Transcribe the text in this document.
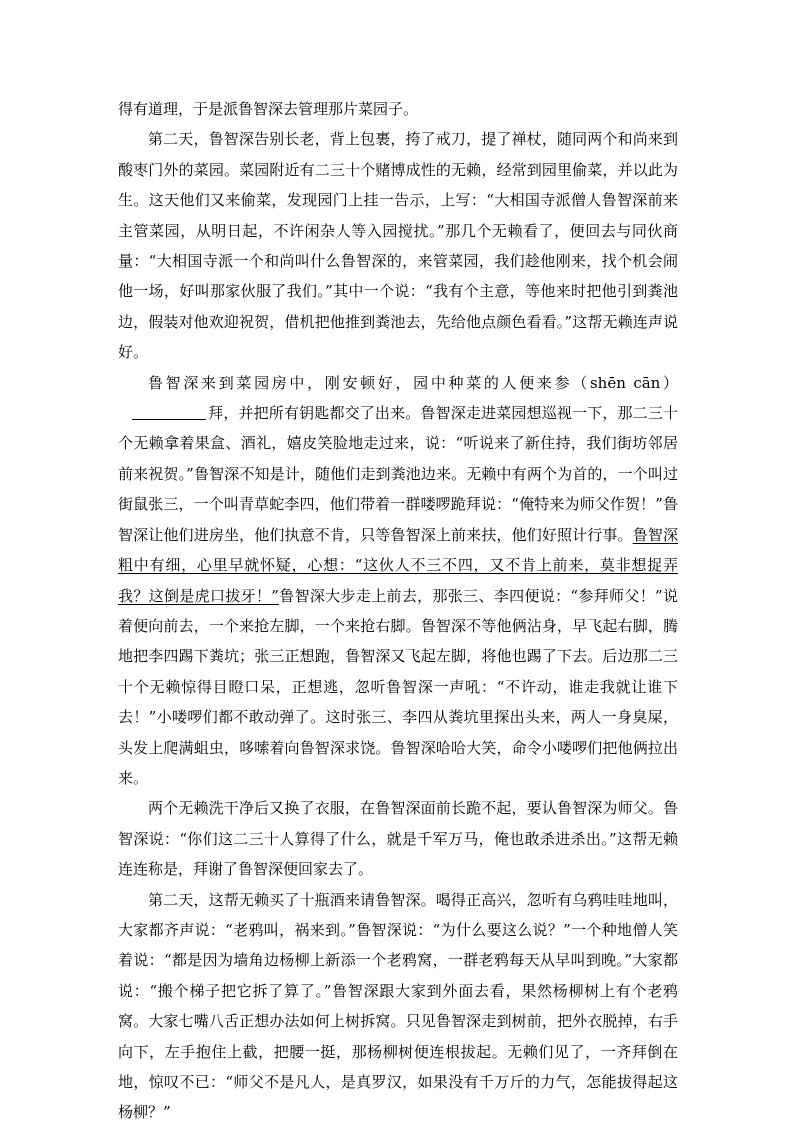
得有道理，于是派鲁智深去管理那片菜园子。

第二天，鲁智深告别长老，背上包裹，挎了戒刀，提了禅杖，随同两个和尚来到酸枣门外的菜园。菜园附近有二三十个赌博成性的无赖，经常到园里偷菜，并以此为生。这天他们又来偷菜，发现园门上挂一告示，上写：“大相国寺派僧人鲁智深前来主管菜园，从明日起，不许闲杂人等入园搅扰。”那几个无赖看了，便回去与同伙商量：“大相国寺派一个和尚叫什么鲁智深的，来管菜园，我们趁他刚来，找个机会闹他一场，好叫那家伙服了我们。”其中一个说：“我有个主意，等他来时把他引到粪池边，假装对他欢迎祝贺，借机把他推到粪池去，先给他点颜色看看。”这帮无赖连声说好。

鲁智深来到菜园房中，刚安顿好，园中种菜的人便来参（shēn cān）拜，并把所有钥匙都交了出来。鲁智深走进菜园想巡视一下，那二三十个无赖拿着果盒、酒礼，嬉皮笑脸地走过来，说：“听说来了新住持，我们街坊邻居前来祝贺。”鲁智深不知是计，随他们走到粪池边来。无赖中有两个为首的，一个叫过街鼠张三，一个叫青草蛇李四，他们带着一群喽啰跪拜说：“俺特来为师父作贺！”鲁智深让他们进房坐，他们执意不肯，只等鲁智深上前来扶，他们好照计行事。鲁智深粗中有细，心里早就怀疑，心想：“这伙人不三不四，又不肯上前来，莫非想捉弄我？这倒是虎口拔牙！”鲁智深大步走上前去，那张三、李四便说：“参拜师父！”说着便向前去，一个来抢左脚，一个来抢右脚。鲁智深不等他俩沾身，早飞起右脚，腾地把李四踢下粪坑；张三正想跑，鲁智深又飞起左脚，将他也踢了下去。后边那二三十个无赖惊得目瞪口呆，正想逃，忽听鲁智深一声吼：“不许动，谁走我就让谁下去！”小喽啰们都不敢动弹了。这时张三、李四从粪坑里探出头来，两人一身臭屎，头发上爬满蛆虫，哆嗦着向鲁智深求饶。鲁智深哈哈大笑，命令小喽啰们把他俩拉出来。

两个无赖洗干净后又换了衣服，在鲁智深面前长跪不起，要认鲁智深为师父。鲁智深说：“你们这二三十人算得了什么，就是千军万马，俺也敢杀进杀出。”这帮无赖连连称是，拜谢了鲁智深便回家去了。

第二天，这帮无赖买了十瓶酒来请鲁智深。喝得正高兴，忽听有乌鸦哇哇地叫，大家都齐声说：“老鸦叫，祸来到。”鲁智深说：“为什么要这么说？”一个种地僧人笑着说：“都是因为墙角边杨柳上新添一个老鸦窝，一群老鸦每天从早叫到晚。”大家都说：“搬个梯子把它拆了算了。”鲁智深跟大家到外面去看，果然杨柳树上有个老鸦窝。大家七嘴八舌正想办法如何上树拆窝。只见鲁智深走到树前，把外衣脱掉，右手向下，左手抱住上截，把腰一挺，那杨柳树便连根拔起。无赖们见了，一齐拜倒在地，惊叹不已：“师父不是凡人，是真罗汉，如果没有千万斤的力气，怎能拔得起这杨柳？”
